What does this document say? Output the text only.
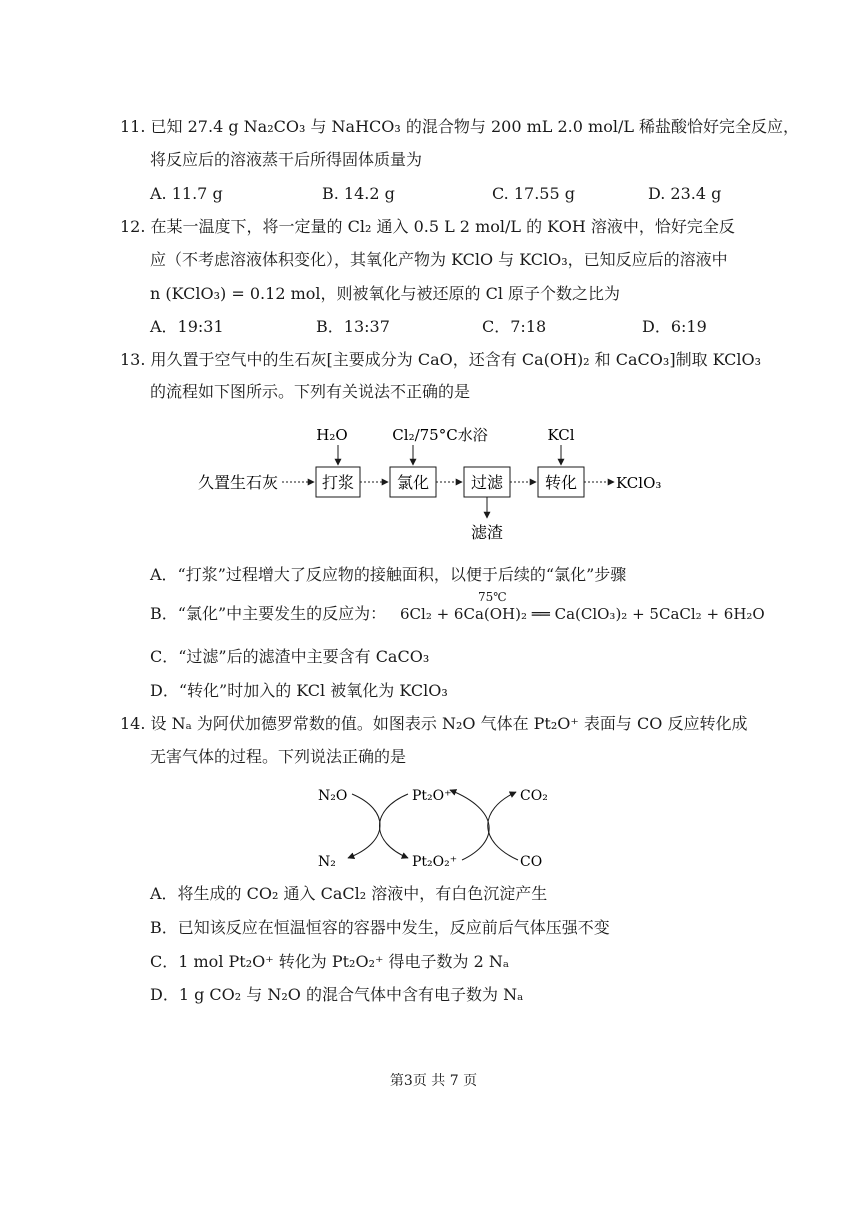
11. 已知 27.4 g Na₂CO₃ 与 NaHCO₃ 的混合物与 200 mL 2.0 mol/L 稀盐酸恰好完全反应，
将反应后的溶液蒸干后所得固体质量为
A. 11.7 g	B. 14.2 g	C. 17.55 g	D. 23.4 g
12. 在某一温度下，将一定量的 Cl₂ 通入 0.5 L 2 mol/L 的 KOH 溶液中，恰好完全反
应（不考虑溶液体积变化），其氧化产物为 KClO 与 KClO₃，已知反应后的溶液中
n (KClO₃) = 0.12 mol，则被氧化与被还原的 Cl 原子个数之比为
A．19:31	B．13:37	C．7:18	D．6:19
13. 用久置于空气中的生石灰[主要成分为 CaO，还含有 Ca(OH)₂ 和 CaCO₃]制取 KClO₃
的流程如下图所示。下列有关说法不正确的是
久置生石灰	打浆	氯化	过滤	转化	KClO₃
H₂O	Cl₂/75°C水浴	KCl
滤渣
A．“打浆”过程增大了反应物的接触面积，以便于后续的“氯化”步骤
B．“氯化”中主要发生的反应为：
75℃
6Cl₂ + 6Ca(OH)₂ ══ Ca(ClO₃)₂ + 5CaCl₂ + 6H₂O
C．“过滤”后的滤渣中主要含有 CaCO₃
D．“转化”时加入的 KCl 被氧化为 KClO₃
14. 设 Nₐ 为阿伏加德罗常数的值。如图表示 N₂O 气体在 Pt₂O⁺ 表面与 CO 反应转化成
无害气体的过程。下列说法正确的是
N₂O
N₂
Pt₂O⁺
Pt₂O₂⁺
CO₂
CO
A．将生成的 CO₂ 通入 CaCl₂ 溶液中，有白色沉淀产生
B．已知该反应在恒温恒容的容器中发生，反应前后气体压强不变
C．1 mol Pt₂O⁺ 转化为 Pt₂O₂⁺ 得电子数为 2 Nₐ
D．1 g CO₂ 与 N₂O 的混合气体中含有电子数为 Nₐ
第3页 共 7 页
